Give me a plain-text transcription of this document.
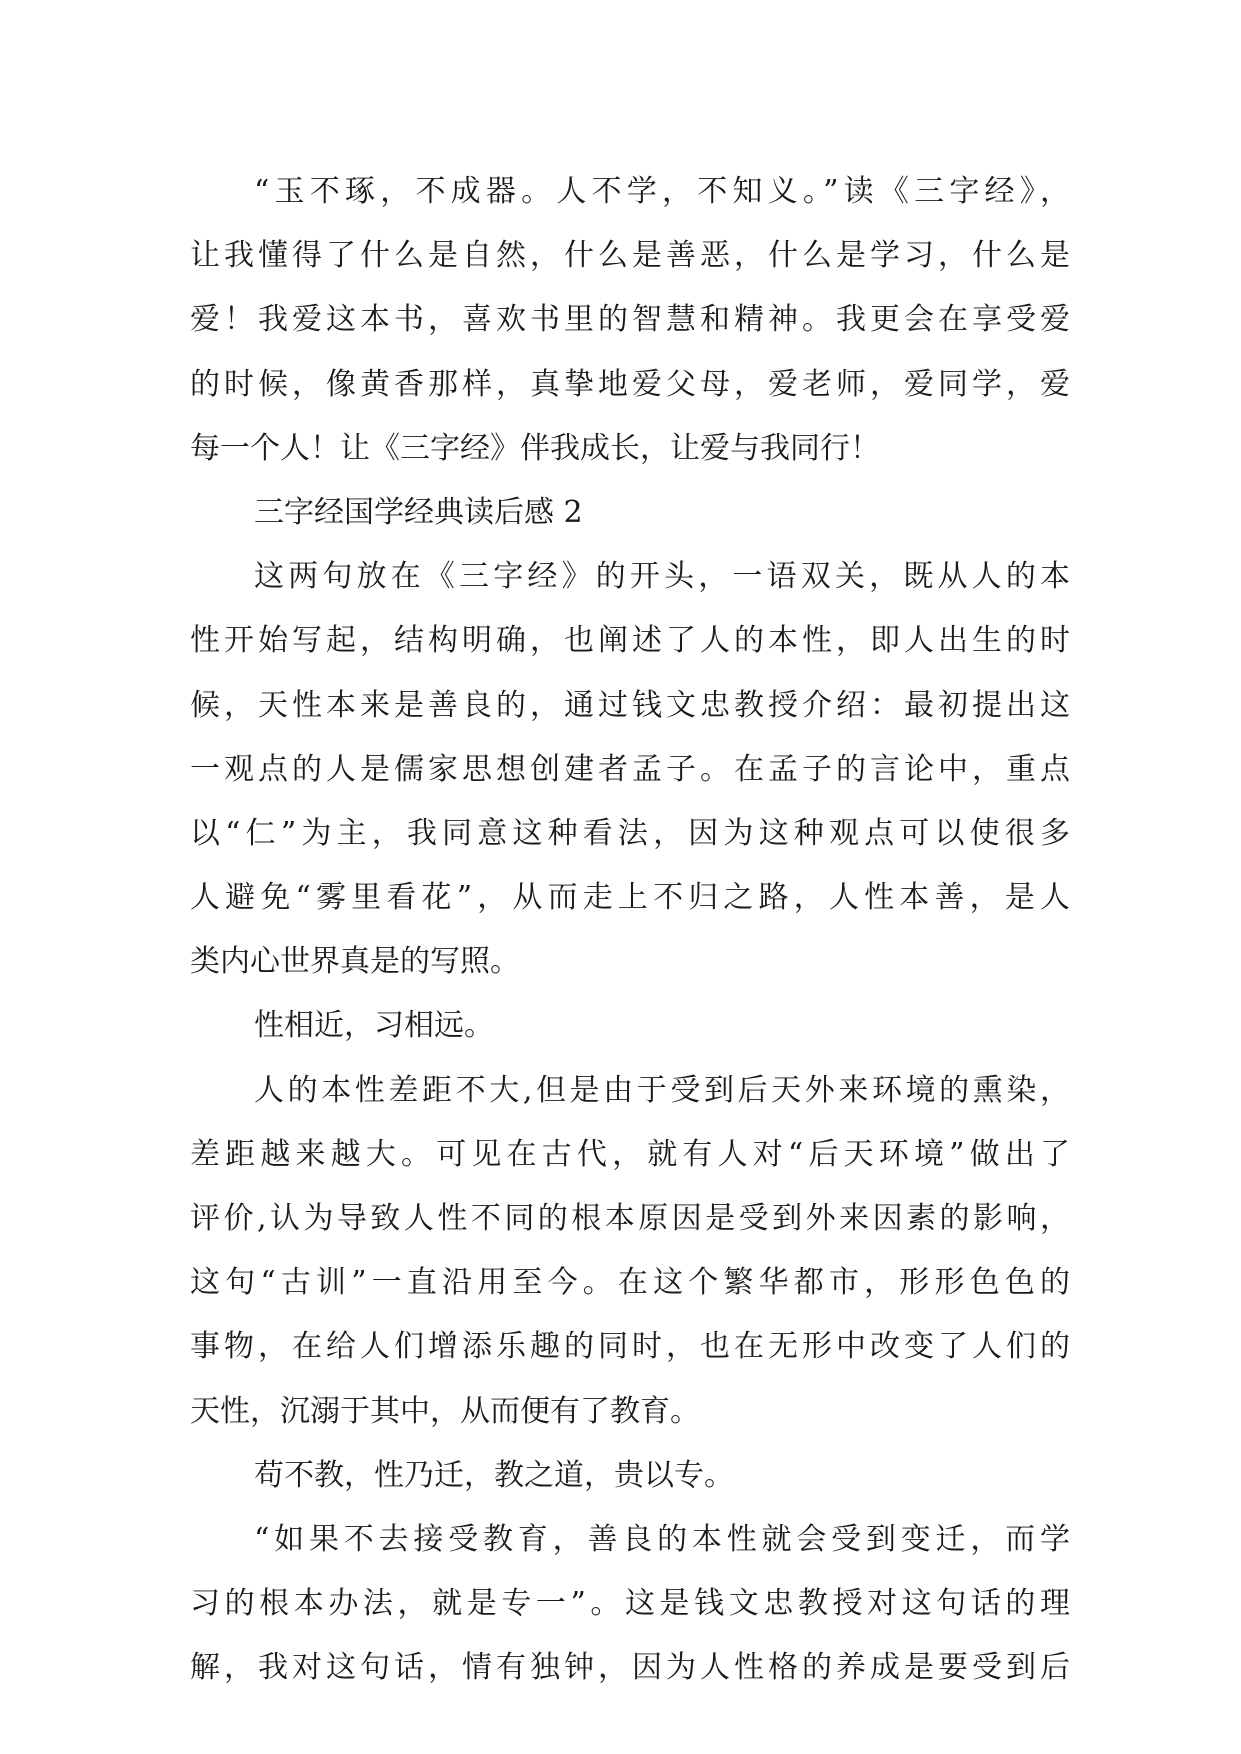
“玉不琢，不成器。人不学，不知义。”读《三字经》，
让我懂得了什么是自然，什么是善恶，什么是学习，什么是
爱！我爱这本书，喜欢书里的智慧和精神。我更会在享受爱
的时候，像黄香那样，真挚地爱父母，爱老师，爱同学，爱
每一个人！让《三字经》伴我成长，让爱与我同行！
三字经国学经典读后感 2
这两句放在《三字经》的开头，一语双关，既从人的本
性开始写起，结构明确，也阐述了人的本性，即人出生的时
候，天性本来是善良的，通过钱文忠教授介绍：最初提出这
一观点的人是儒家思想创建者孟子。在孟子的言论中，重点
以“仁”为主，我同意这种看法，因为这种观点可以使很多
人避免“雾里看花”，从而走上不归之路，人性本善，是人
类内心世界真是的写照。
性相近，习相远。
人的本性差距不大,但是由于受到后天外来环境的熏染，
差距越来越大。可见在古代，就有人对“后天环境”做出了
评价,认为导致人性不同的根本原因是受到外来因素的影响，
这句“古训”一直沿用至今。在这个繁华都市，形形色色的
事物，在给人们增添乐趣的同时，也在无形中改变了人们的
天性，沉溺于其中，从而便有了教育。
苟不教，性乃迁，教之道，贵以专。
“如果不去接受教育，善良的本性就会受到变迁，而学
习的根本办法，就是专一”。这是钱文忠教授对这句话的理
解，我对这句话，情有独钟，因为人性格的养成是要受到后
